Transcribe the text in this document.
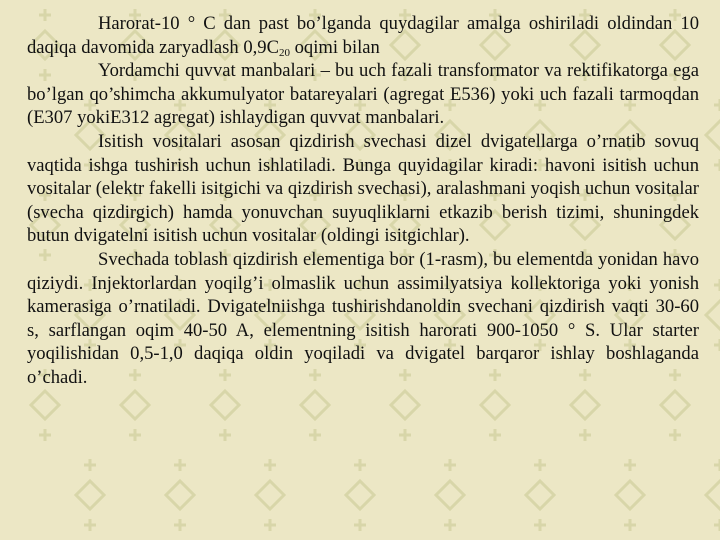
Harorat-10 ° C dan past bo’lganda quydagilar amalga oshiriladi oldindan 10 daqiqa davomida zaryadlash $0,9C_{20}$ oqimi bilan

Yordamchi quvvat manbalari – bu uch fazali transformator va rektifikatorga ega bo’lgan qo’shimcha akkumulyator batareyalari (agregat E536) yoki uch fazali tarmoqdan (E307 yokiE312 agregat) ishlaydigan quvvat manbalari.

Isitish vositalari asosan qizdirish svechasi dizel dvigatellarga o’rnatib sovuq vaqtida ishga tushirish uchun ishlatiladi. Bunga quyidagilar kiradi: havoni isitish uchun vositalar (elektr fakelli isitgichi va qizdirish svechasi), aralashmani yoqish uchun vositalar (svecha qizdirgich) hamda yonuvchan suyuqliklarni etkazib berish tizimi, shuningdek butun dvigatelni isitish uchun vositalar (oldingi isitgichlar).

Svechada toblash qizdirish elementiga bor (1-rasm), bu elementda yonidan havo qiziydi. Injektorlardan yoqilg’i olmaslik uchun assimilyatsiya kollektoriga yoki yonish kamerasiga o’rnatiladi. Dvigatelniishga tushirishdanoldin svechani qizdirish vaqti 30-60 s, sarflangan oqim 40-50 A, elementning isitish harorati 900-1050 ° S. Ular starter yoqilishidan 0,5-1,0 daqiqa oldin yoqiladi va dvigatel barqaror ishlay boshlaganda o’chadi.
